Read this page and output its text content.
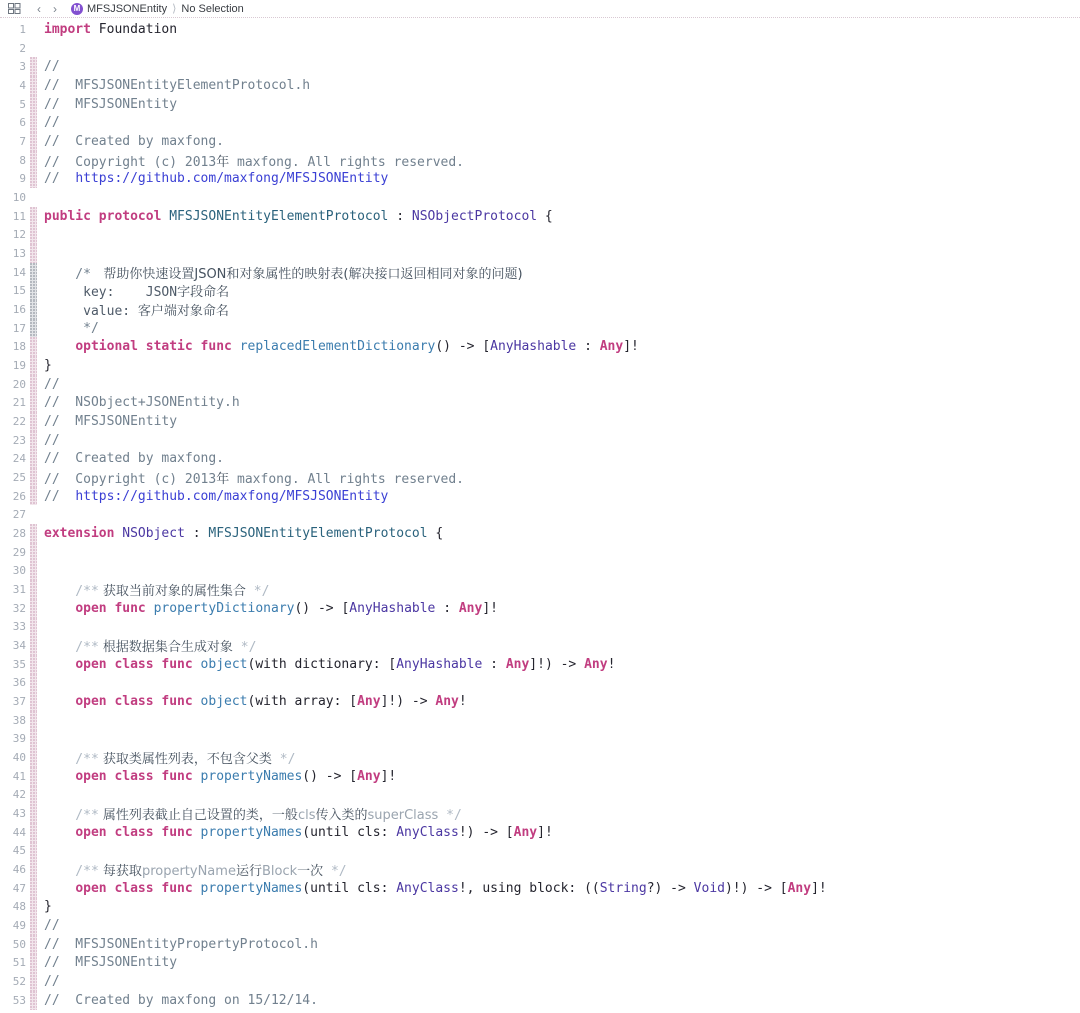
‹	›	M MFSJSONEntity ⟩ No Selection
1	import Foundation
2
3	//
4	//  MFSJSONEntityElementProtocol.h
5	//  MFSJSONEntity
6	//
7	//  Created by maxfong.
8	//  Copyright (c) 2013年 maxfong. All rights reserved.
9	//  https://github.com/maxfong/MFSJSONEntity
10
11	public protocol MFSJSONEntityElementProtocol : NSObjectProtocol {
12
13
14	/*   帮助你快速设置JSON和对象属性的映射表(解决接口返回相同对象的问题)
15	key:    JSON字段命名
16	value: 客户端对象命名
17	*/
18	optional static func replacedElementDictionary() -> [AnyHashable : Any]!
19	}
20	//
21	//  NSObject+JSONEntity.h
22	//  MFSJSONEntity
23	//
24	//  Created by maxfong.
25	//  Copyright (c) 2013年 maxfong. All rights reserved.
26	//  https://github.com/maxfong/MFSJSONEntity
27
28	extension NSObject : MFSJSONEntityElementProtocol {
29
30
31	/** 获取当前对象的属性集合 */
32	open func propertyDictionary() -> [AnyHashable : Any]!
33
34	/** 根据数据集合生成对象 */
35	open class func object(with dictionary: [AnyHashable : Any]!) -> Any!
36
37	open class func object(with array: [Any]!) -> Any!
38
39
40	/** 获取类属性列表，不包含父类 */
41	open class func propertyNames() -> [Any]!
42
43	/** 属性列表截止自己设置的类，一般cls传入类的superClass */
44	open class func propertyNames(until cls: AnyClass!) -> [Any]!
45
46	/** 每获取propertyName运行Block一次 */
47	open class func propertyNames(until cls: AnyClass!, using block: ((String?) -> Void)!) -> [Any]!
48	}
49	//
50	//  MFSJSONEntityPropertyProtocol.h
51	//  MFSJSONEntity
52	//
53	//  Created by maxfong on 15/12/14.
